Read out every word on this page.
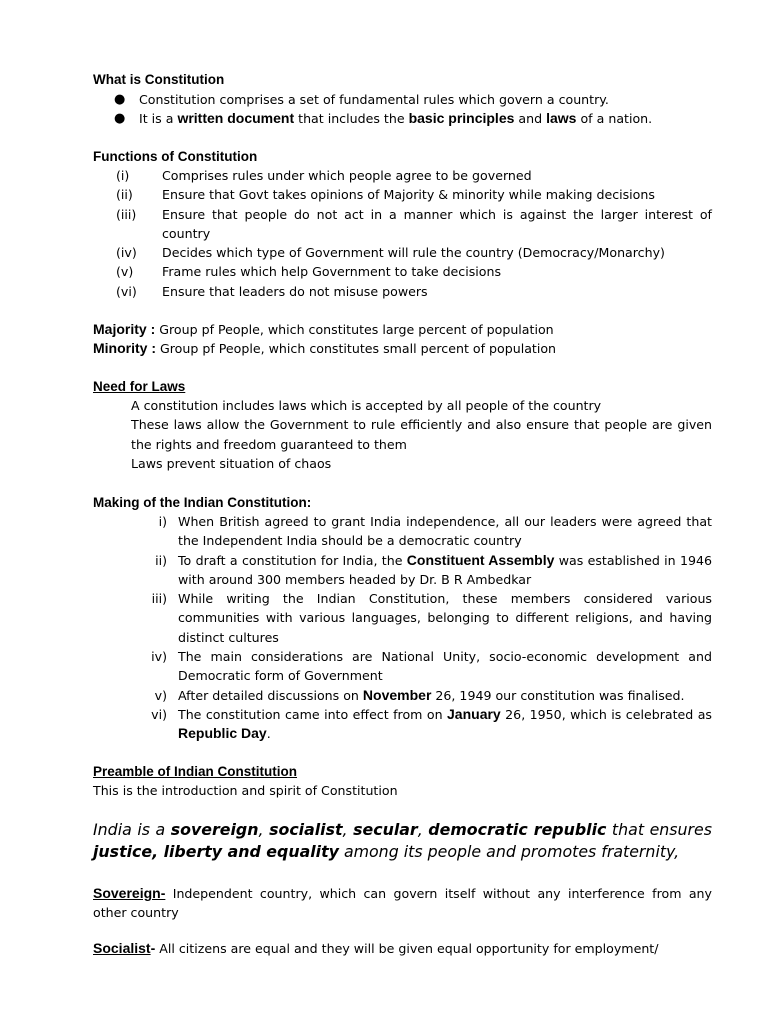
What is Constitution
● Constitution comprises a set of fundamental rules which govern a country.
● It is a written document that includes the basic principles and laws of a nation.
Functions of Constitution
(i)	Comprises rules under which people agree to be governed
(ii) Ensure that Govt takes opinions of Majority & minority while making decisions
(iii) Ensure that people do not act in a manner which is against the larger interest of country
(iv) Decides which type of Government will rule the country (Democracy/Monarchy)
(v) Frame rules which help Government to take decisions
(vi) Ensure that leaders do not misuse powers
Majority : Group pf People, which constitutes large percent of population
Minority : Group pf People, which constitutes small percent of population
Need for Laws
A constitution includes laws which is accepted by all people of the country
These laws allow the Government to rule efficiently and also ensure that people are given the rights and freedom guaranteed to them
Laws prevent situation of chaos
Making of the Indian Constitution:
i) When British agreed to grant India independence, all our leaders were agreed that the Independent India should be a democratic country
ii) To draft a constitution for India, the Constituent Assembly was established in 1946 with around 300 members headed by Dr. B R Ambedkar
iii) While writing the Indian Constitution, these members considered various communities with various languages, belonging to different religions, and having distinct cultures
iv) The main considerations are National Unity, socio-economic development and Democratic form of Government
v) After detailed discussions on November 26, 1949 our constitution was finalised.
vi) The constitution came into effect from on January 26, 1950, which is celebrated as Republic Day.
Preamble of Indian Constitution
This is the introduction and spirit of Constitution
India is a sovereign, socialist, secular, democratic republic that ensures justice, liberty and equality among its people and promotes fraternity,
Sovereign- Independent country, which can govern itself without any interference from any other country
Socialist- All citizens are equal and they will be given equal opportunity for employment/
